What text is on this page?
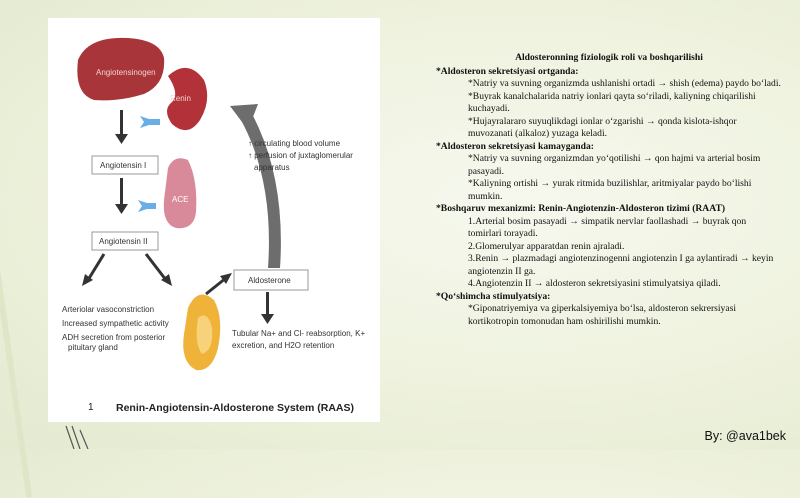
Angiotensinogen
Renin
ACE
Angiotensin I
Angiotensin II
Arteriolar vasoconstriction
Increased sympathetic activity
ADH secretion from posterior
pituitary gland
Aldosterone
Tubular Na+ and Cl- reabsorption, K+
excretion, and H2O retention
↑ circulating blood volume
↑ perfusion of juxtaglomerular
apparatus
1 Renin-Angiotensin-Aldosterone System (RAAS)

Aldosteronning fiziologik roli va boshqarilishi

*Aldosteron sekretsiyasi ortganda:

*Natriy va suvning organizmda ushlanishi ortadi → shish (edema) paydo bo‘ladi.

*Buyrak kanalchalarida natriy ionlari qayta so‘riladi, kaliyning chiqarilishi kuchayadi.

*Hujayralararo suyuqlikdagi ionlar o‘zgarishi → qonda kislota-ishqor muvozanati (alkaloz) yuzaga keladi.

*Aldosteron sekretsiyasi kamayganda:

*Natriy va suvning organizmdan yo‘qotilishi → qon hajmi va arterial bosim pasayadi.

*Kaliyning ortishi → yurak ritmida buzilishlar, aritmiyalar paydo bo‘lishi mumkin.

*Boshqaruv mexanizmi: Renin-Angiotenzin-Aldosteron tizimi (RAAT)

1.Arterial bosim pasayadi → simpatik nervlar faollashadi → buyrak qon tomirlari torayadi.

2.Glomerulyar apparatdan renin ajraladi.

3.Renin → plazmadagi angiotenzinogenni angiotenzin I ga aylantiradi → keyin angiotenzin II ga.

4.Angiotenzin II → aldosteron sekretsiyasini stimulyatsiya qiladi.

*Qo‘shimcha stimulyatsiya:

*Giponatriyemiya va giperkalsiyemiya bo‘lsa, aldosteron sekrersiyasi kortikotropin tomonudan ham oshirilishi mumkin.

By: @ava1bek
